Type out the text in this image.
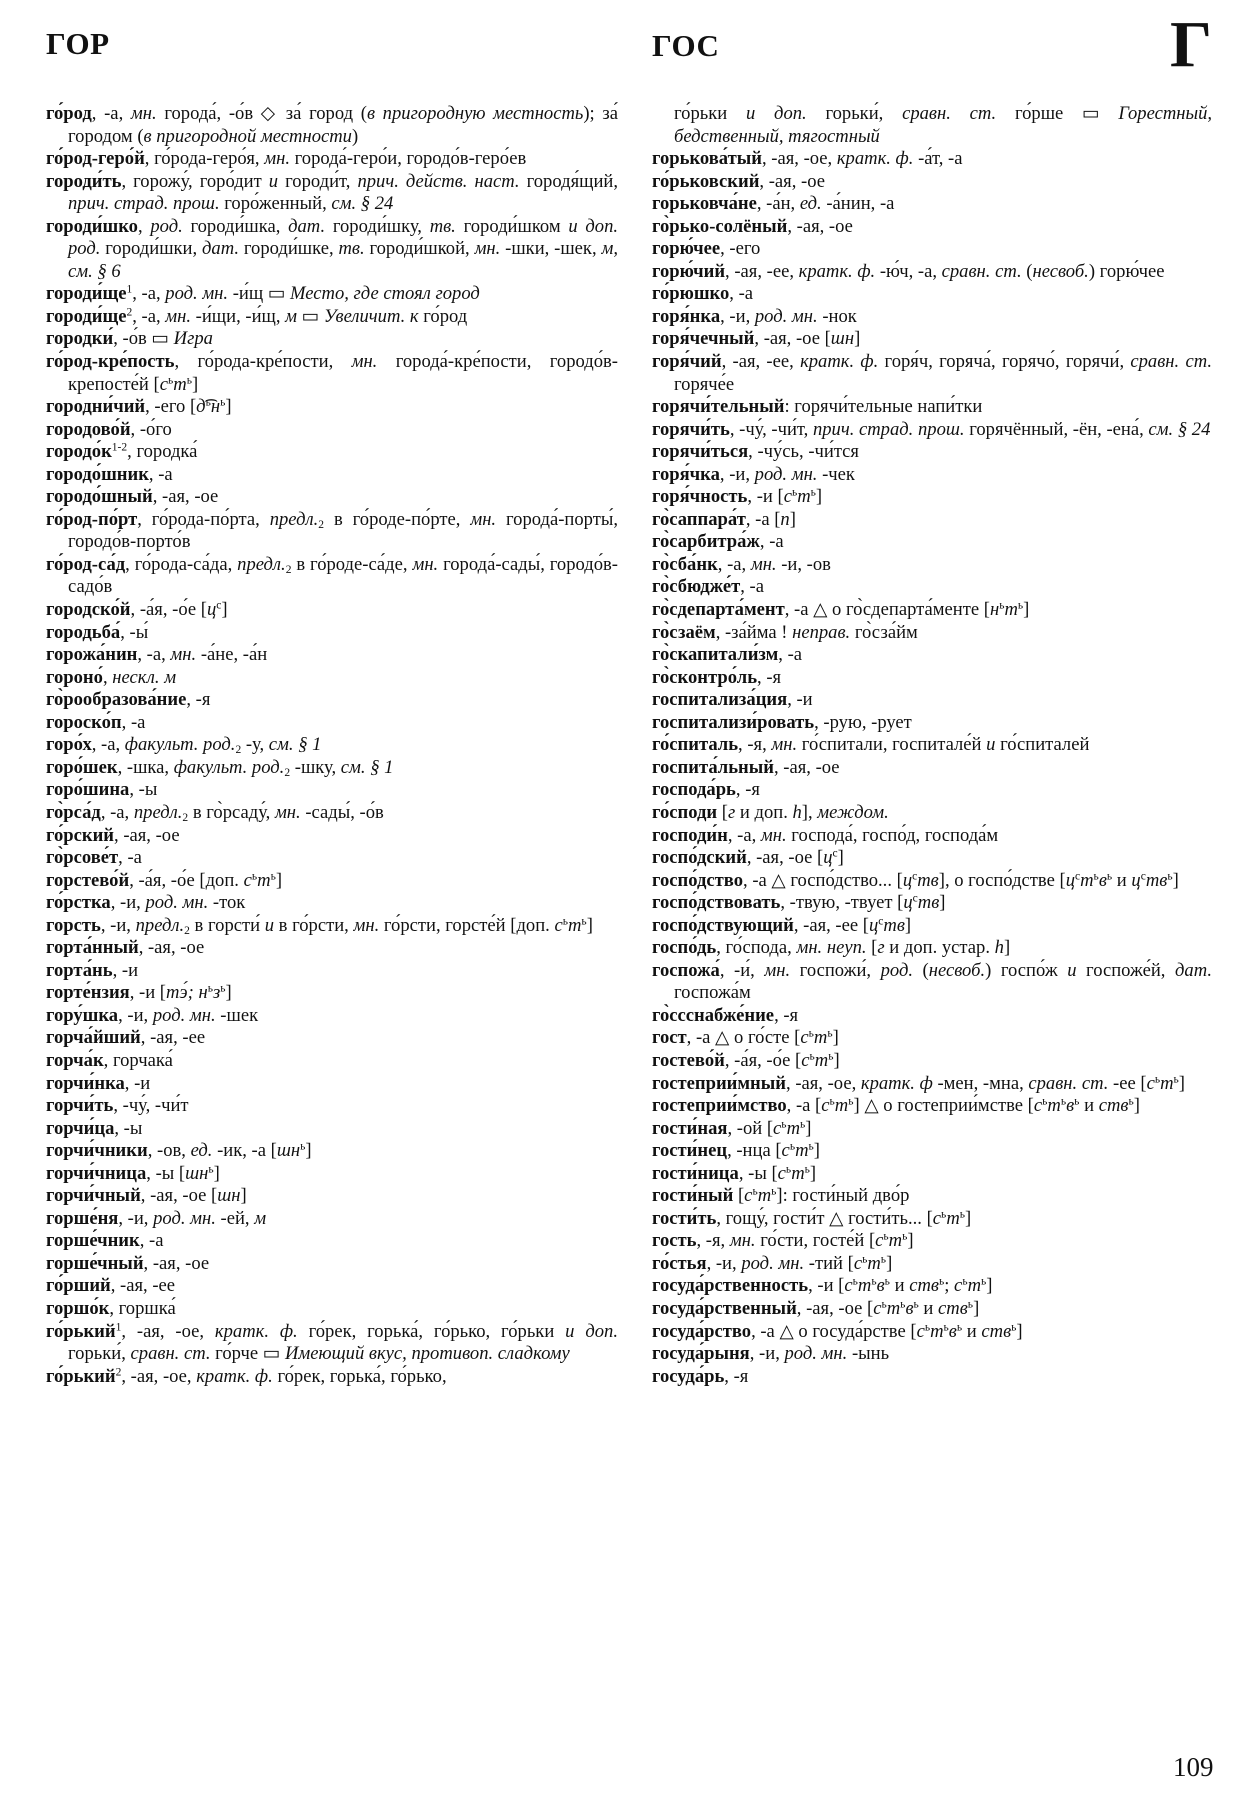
ГОР	ГОС	Г
го́род, -а, мн. города́, -о́в ◇ за́ город (в пригородную местность); за́ городом (в пригородной местности)
го́род-геро́й, го́рода-геро́я, мн. города́-геро́и, городо́в-геро́ев
городи́ть, горожу́, горо́дит и городи́т, прич. действ. наст. городя́щий, прич. страд. прош. горо́женный, см. § 24
городи́шко, род. городи́шка, дат. городи́шку, тв. городи́шком и доп. род. городи́шки, дат. городи́шке, тв. городи́шкой, мн. -шки, -шек, м, см. § 6
$городи́ще^1$, -а, род. мн. -и́щ ▭ Место, где стоял город
$городи́ще^2$, -а, мн. -и́щи, -и́щ, м ▭ Увеличит. к го́род
городки́, -о́в ▭ Игра
го́род-кре́пость, го́рода-кре́пости, мн. города́-кре́пости, городо́в-крепосте́й $[с^ьт^ь]$
городни́чий, -его $[д͡^ьн^ь]$
городово́й, -о́го
$городо́к^{1-2}$, городка́
городо́шник, -а
городо́шный, -ая, -ое
го́род-по́рт, го́рода-по́рта, $предл._2$ в го́роде-по́рте, мн. города́-порты́, городо́в-порто́в
го́род-са́д, го́рода-са́да, $предл._2$ в го́роде-са́де, мн. города́-сады́, городо́в-садо́в
городско́й, -а́я, -о́е $[ц^с]$
городьба́, -ы́
горожа́нин, -а, мн. -а́не, -а́н
гороно́, нескл. м
го̀рообразова́ние, -я
гороско́п, -а
горо́х, -а, факульт. $род._2$ -у, см. § 1
горо́шек, -шка, факульт. $род._2$ -шку, см. § 1
горо́шина, -ы
го̀рса́д, -а, $предл._2$ в го̀рсаду́, мн. -сады́, -о́в
го́рский, -ая, -ое
го̀рсове́т, -а
горстево́й, -а́я, -о́е [доп. $с^ьт^ь$]
го́рстка, -и, род. мн. -ток
горсть, -и, $предл._2$ в горсти́ и в го́рсти, мн. го́рсти, горсте́й [доп. $с^ьт^ь$]
горта́нный, -ая, -ое
горта́нь, -и
горте́нзия, -и [тэ́; $н^ьз^ь$]
гору́шка, -и, род. мн. -шек
горча́йший, -ая, -ее
горча́к, горчака́
горчи́нка, -и
горчи́ть, -чу́, -чи́т
горчи́ца, -ы
горчи́чники, -ов, ед. -ик, -а $[шн^ь]$
горчи́чница, -ы $[шн^ь]$
горчи́чный, -ая, -ое [шн]
горше́ня, -и, род. мн. -ей, м
горше́чник, -а
горше́чный, -ая, -ое
го́рший, -ая, -ее
горшо́к, горшка́
го́рький$^1$, -ая, -ое, кратк. ф. го́рек, горька́, го́рько, го́рьки и доп. горьки́, сравн. ст. го́рче ▭ Имеющий вкус, противоп. сладкому
го́рький$^2$, -ая, -ое, кратк. ф. го́рек, горька́, го́рько,
го́рьки и доп. горьки́, сравн. ст. го́рше ▭ Горестный, бедственный, тягостный
горькова́тый, -ая, -ое, кратк. ф. -а́т, -а
го́рьковский, -ая, -ое
горьковча́не, -а́н, ед. -а́нин, -а
го̀рько-солёный, -ая, -ое
горю́чее, -его
горю́чий, -ая, -ее, кратк. ф. -ю́ч, -а, сравн. ст. (несвоб.) горю́чее
го́рюшко, -а
горя́нка, -и, род. мн. -нок
горя́чечный, -ая, -ое [шн]
горя́чий, -ая, -ее, кратк. ф. горя́ч, горяча́, горячо́, горячи́, сравн. ст. горяче́е
горячи́тельный: горячи́тельные напи́тки
горячи́ть, -чу́, -чи́т, прич. страд. прош. горячённый, -ён, -ена́, см. § 24
горячи́ться, -чу́сь, -чи́тся
горя́чка, -и, род. мн. -чек
горя́чность, -и $[с^ьт^ь]$
го̀саппара́т, -а [п]
го̀сарбитра́ж, -а
го̀сба́нк, -а, мн. -и, -ов
го̀сбюдже́т, -а
го̀сдепарта́мент, -а △ о го̀сдепарта́менте $[н^ьт^ь]$
го̀сзаём, -за́йма ! неправ. го̀сза́йм
го̀скапитали́зм, -а
го̀сконтро́ль, -я
госпитализа́ция, -и
госпитализи́ровать, -рую, -рует
го́спиталь, -я, мн. го́спитали, госпитале́й и го́спиталей
госпита́льный, -ая, -ое
господа́рь, -я
го́споди [г и доп. h], междом.
господи́н, -а, мн. господа́, госпо́д, господа́м
госпо́дский, -ая, -ое $[ц^с]$
госпо́дство, -а △ госпо́дство... $[ц^ств]$, о госпо́дстве [$ц^ст^ьв^ь$ и $ц^ств^ь$]
госпо́дствовать, -твую, -твует $[ц^ств]$
госпо́дствующий, -ая, -ее $[ц^ств]$
госпо́дь, го́спода, мн. неуп. [г и доп. устар. h]
госпожа́, -и́, мн. госпожи́, род. (несвоб.) госпо́ж и госпоже́й, дат. госпожа́м
го̀ссснабже́ние, -я
гост, -а △ о го́сте $[с^ьт^ь]$
гостево́й, -а́я, -о́е $[с^ьт^ь]$
гостеприи́мный, -ая, -ое, кратк. ф -мен, -мна, сравн. ст. -ее $[с^ьт^ь]$
гостеприи́мство, -а $[с^ьт^ь]$ △ о гостеприи́мстве [$с^ьт^ьв^ь$ и ств$^ь$]
гости́ная, -ой $[с^ьт^ь]$
гости́нец, -нца $[с^ьт^ь]$
гости́ница, -ы $[с^ьт^ь]$
гости́ный $[с^ьт^ь]$: гости́ный дво́р
гости́ть, гощу́, гости́т △ гости́ть... $[с^ьт^ь]$
гость, -я, мн. го́сти, госте́й $[с^ьт^ь]$
го́стья, -и, род. мн. -тий $[с^ьт^ь]$
госуда́рственность, -и [$с^ьт^ьв^ь$ и ств$^ь$; $с^ьт^ь$]
госуда́рственный, -ая, -ое [$с^ьт^ьв^ь$ и ств$^ь$]
госуда́рство, -а △ о госуда́рстве [$с^ьт^ьв^ь$ и ств$^ь$]
госуда́рыня, -и, род. мн. -ынь
госуда́рь, -я
109
